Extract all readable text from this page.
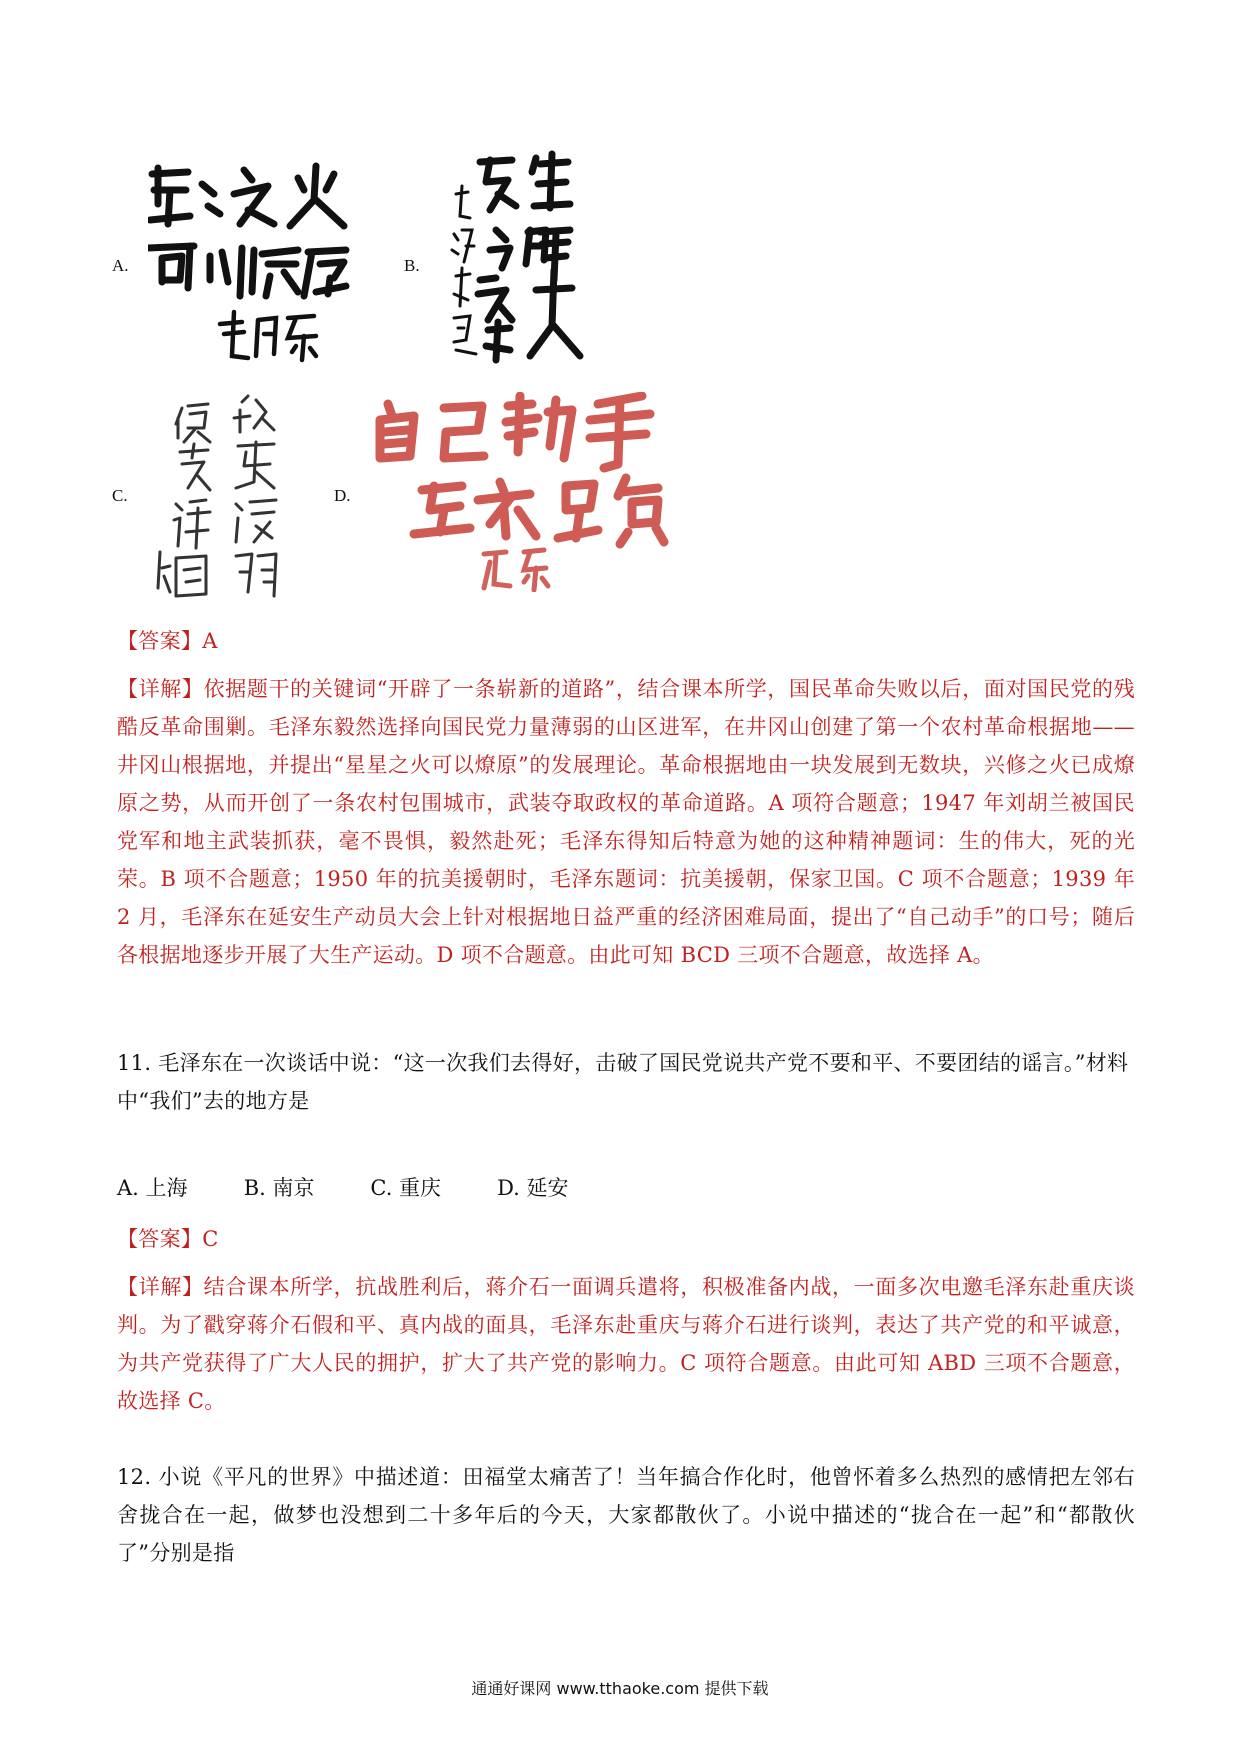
A.	B.
C.	D.
【答案】A
【详解】依据题干的关键词“开辟了一条崭新的道路”，结合课本所学，国民革命失败以后，面对国民党的残酷反革命围剿。毛泽东毅然选择向国民党力量薄弱的山区进军，在井冈山创建了第一个农村革命根据地——井冈山根据地，并提出“星星之火可以燎原”的发展理论。革命根据地由一块发展到无数块，兴修之火已成燎原之势，从而开创了一条农村包围城市，武装夺取政权的革命道路。A 项符合题意；1947 年刘胡兰被国民党军和地主武装抓获，毫不畏惧，毅然赴死；毛泽东得知后特意为她的这种精神题词：生的伟大，死的光荣。B 项不合题意；1950 年的抗美援朝时，毛泽东题词：抗美援朝，保家卫国。C 项不合题意；1939 年 2 月，毛泽东在延安生产动员大会上针对根据地日益严重的经济困难局面，提出了“自己动手”的口号；随后各根据地逐步开展了大生产运动。D 项不合题意。由此可知 BCD 三项不合题意，故选择 A。
11. 毛泽东在一次谈话中说：“这一次我们去得好，击破了国民党说共产党不要和平、不要团结的谣言。”材料中“我们”去的地方是
A. 上海	B. 南京	C. 重庆	D. 延安
【答案】C
【详解】结合课本所学，抗战胜利后，蒋介石一面调兵遣将，积极准备内战，一面多次电邀毛泽东赴重庆谈判。为了戳穿蒋介石假和平、真内战的面具，毛泽东赴重庆与蒋介石进行谈判，表达了共产党的和平诚意，为共产党获得了广大人民的拥护，扩大了共产党的影响力。C 项符合题意。由此可知 ABD 三项不合题意，故选择 C。
12. 小说《平凡的世界》中描述道：田福堂太痛苦了！当年搞合作化时，他曾怀着多么热烈的感情把左邻右舍拢合在一起，做梦也没想到二十多年后的今天，大家都散伙了。小说中描述的“拢合在一起”和“都散伙了”分别是指
通通好课网 www.tthaoke.com 提供下载
